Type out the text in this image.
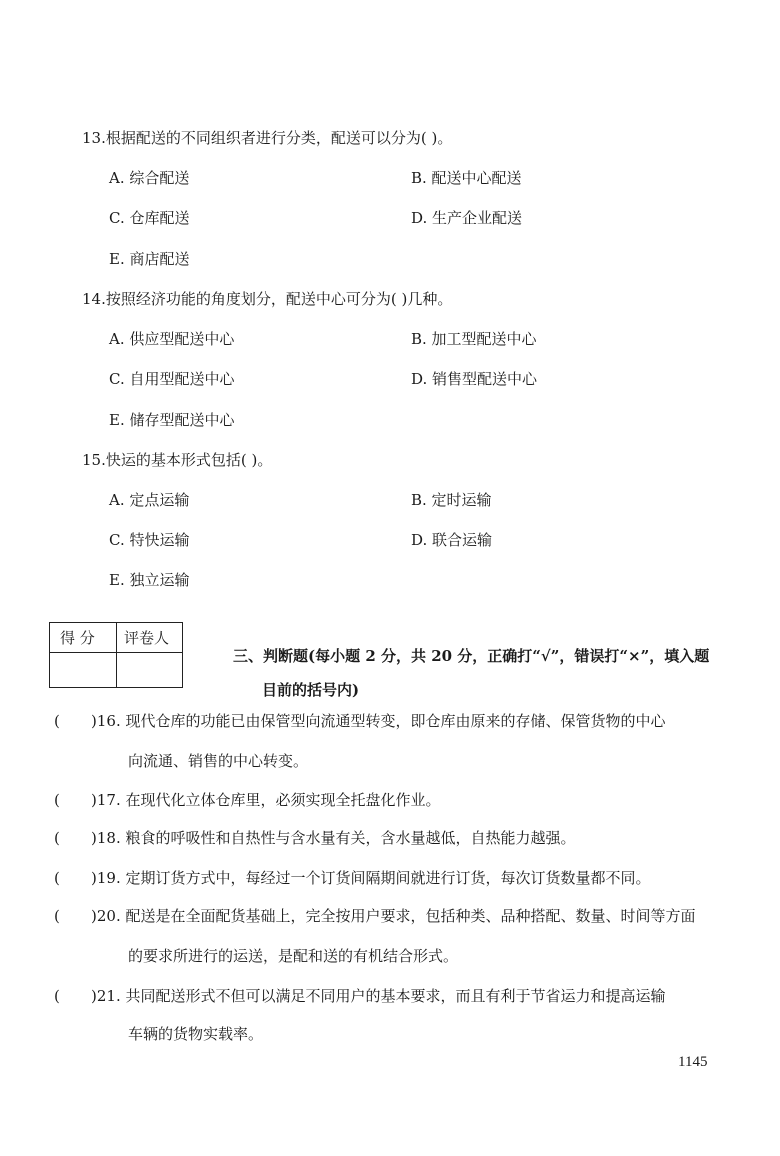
13.根据配送的不同组织者进行分类，配送可以分为( )。
A. 综合配送	B. 配送中心配送
C. 仓库配送	D. 生产企业配送
E. 商店配送
14.按照经济功能的角度划分，配送中心可分为( )几种。
A. 供应型配送中心	B. 加工型配送中心
C. 自用型配送中心	D. 销售型配送中心
E. 储存型配送中心
15.快运的基本形式包括( )。
A. 定点运输	B. 定时运输
C. 特快运输	D. 联合运输
E. 独立运输
得 分 评卷人
三、判断题(每小题 2 分，共 20 分，正确打“√”，错误打“×”，填入题
目前的括号内)
( )16. 现代仓库的功能已由保管型向流通型转变，即仓库由原来的存储、保管货物的中心
向流通、销售的中心转变。
( )17. 在现代化立体仓库里，必须实现全托盘化作业。
( )18. 粮食的呼吸性和自热性与含水量有关，含水量越低，自热能力越强。
( )19. 定期订货方式中，每经过一个订货间隔期间就进行订货，每次订货数量都不同。
( )20. 配送是在全面配货基础上，完全按用户要求，包括种类、品种搭配、数量、时间等方面
的要求所进行的运送，是配和送的有机结合形式。
( )21. 共同配送形式不但可以满足不同用户的基本要求，而且有利于节省运力和提高运输
车辆的货物实载率。
1145
